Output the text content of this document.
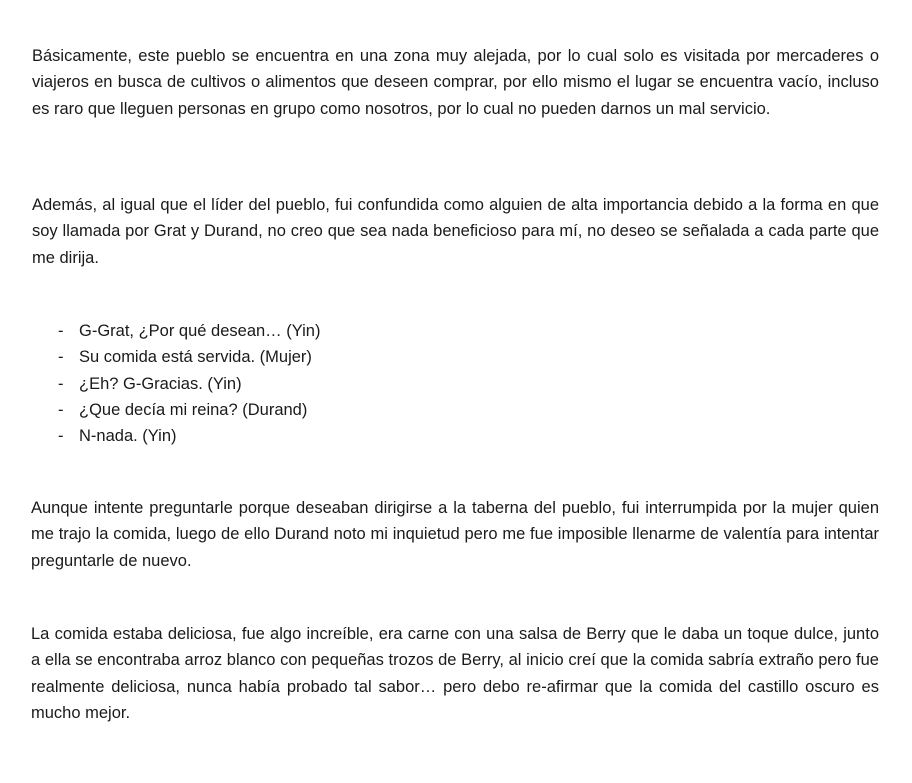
Básicamente, este pueblo se encuentra en una zona muy alejada, por lo cual solo es visitada por mercaderes o viajeros en busca de cultivos o alimentos que deseen comprar, por ello mismo el lugar se encuentra vacío, incluso es raro que lleguen personas en grupo como nosotros, por lo cual no pueden darnos un mal servicio.

Además, al igual que el líder del pueblo, fui confundida como alguien de alta importancia debido a la forma en que soy llamada por Grat y Durand, no creo que sea nada beneficioso para mí, no deseo se señalada a cada parte que me dirija.

- G-Grat, ¿Por qué desean… (Yin)
- Su comida está servida. (Mujer)
- ¿Eh? G-Gracias. (Yin)
- ¿Que decía mi reina? (Durand)
- N-nada. (Yin)

Aunque intente preguntarle porque deseaban dirigirse a la taberna del pueblo, fui interrumpida por la mujer quien me trajo la comida, luego de ello Durand noto mi inquietud pero me fue imposible llenarme de valentía para intentar preguntarle de nuevo.

La comida estaba deliciosa, fue algo increíble, era carne con una salsa de Berry que le daba un toque dulce, junto a ella se encontraba arroz blanco con pequeñas trozos de Berry, al inicio creí que la comida sabría extraño pero fue realmente deliciosa, nunca había probado tal sabor… pero debo re-afirmar que la comida del castillo oscuro es mucho mejor.
